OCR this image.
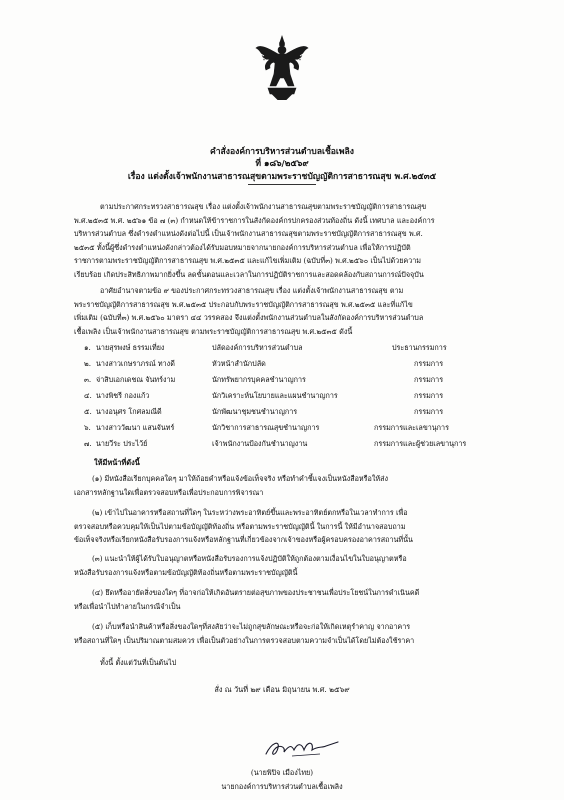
คำสั่งองค์การบริหารส่วนตำบลเชื้อเพลิง
ที่ ๑๘๖/๒๕๖๙
เรื่อง แต่งตั้งเจ้าพนักงานสาธารณสุขตามพระราชบัญญัติการสาธารณสุข พ.ศ.๒๕๓๕
ตามประกาศกระทรวงสาธารณสุข เรื่อง แต่งตั้งเจ้าพนักงานสาธารณสุขตามพระราชบัญญัติการสาธารณสุข
พ.ศ.๒๕๓๕ พ.ศ. ๒๕๖๑ ข้อ ๗ (๓) กำหนดให้ข้าราชการในสังกัดองค์กรปกครองส่วนท้องถิ่น ดังนี้ เทศบาล และองค์การ
บริหารส่วนตำบล ซึ่งดำรงตำแหน่งดังต่อไปนี้ เป็นเจ้าพนักงานสาธารณสุขตามพระราชบัญญัติการสาธารณสุข พ.ศ.
๒๕๓๕ ทั้งนี้ผู้ซึ่งดำรงตำแหน่งดังกล่าวต้องได้รับมอบหมายจากนายกองค์การบริหารส่วนตำบล เพื่อให้การปฏิบัติ
ราชการตามพระราชบัญญัติการสาธารณสุข พ.ศ.๒๕๓๕ และแก้ไขเพิ่มเติม (ฉบับที่๓) พ.ศ.๒๕๖๐ เป็นไปด้วยความ
เรียบร้อย เกิดประสิทธิภาพมากยิ่งขึ้น ลดขั้นตอนและเวลาในการปฏิบัติราชการและสอดคล้องกับสถานการณ์ปัจจุบัน
อาศัยอำนาจตามข้อ ๙ ของประกาศกระทรวงสาธารณสุข เรื่อง แต่งตั้งเจ้าพนักงานสาธารณสุข ตาม
พระราชบัญญัติการสาธารณสุข พ.ศ.๒๕๓๕ ประกอบกับพระราชบัญญัติการสาธารณสุข พ.ศ.๒๕๓๕ และที่แก้ไข
เพิ่มเติม (ฉบับที่๓) พ.ศ.๒๕๖๐ มาตรา ๔๔ วรรคสอง จึงแต่งตั้งพนักงานส่วนตำบลในสังกัดองค์การบริหารส่วนตำบล
เชื้อเพลิง เป็นเจ้าพนักงานสาธารณสุข ตามพระราชบัญญัติการสาธารณสุข พ.ศ.๒๕๓๕ ดังนี้
๑. นายสุรพงษ์ ธรรมเที่ยง	ปลัดองค์การบริหารส่วนตำบล	ประธานกรรมการ
๒. นางสาวเกษราภรณ์ ทางดี	หัวหน้าสำนักปลัด	กรรมการ
๓. จ่าสิบเอกเดชณ จันทร์งาม	นักทรัพยากรบุคคลชำนาญการ	กรรมการ
๔. นางพิชรี กองแก้ว	นักวิเคราะห์นโยบายและแผนชำนาญการ	กรรมการ
๕. นางอนุศร โกศลมณีดี	นักพัฒนาชุมชนชำนาญการ	กรรมการ
๖. นางสาววัฒนา แสนจันทร์	นักวิชาการสาธารณสุขชำนาญการ	กรรมการและเลขานุการ
๗. นายวีระ ประไว้ย์	เจ้าพนักงานป้องกันชำนาญงาน	กรรมการและผู้ช่วยเลขานุการ
ให้มีหน้าที่ดังนี้
(๑) มีหนังสือเรียกบุคคลใดๆ มาให้ถ้อยคำหรือแจ้งข้อเท็จจริง หรือทำคำชี้แจงเป็นหนังสือหรือให้ส่ง
เอกสารหลักฐานใดเพื่อตรวจสอบหรือเพื่อประกอบการพิจารณา
(๒) เข้าไปในอาคารหรือสถานที่ใดๆ ในระหว่างพระอาทิตย์ขึ้นและพระอาทิตย์ตกหรือในเวลาทำการ เพื่อ
ตรวจสอบหรือควบคุมให้เป็นไปตามข้อบัญญัติท้องถิ่น หรือตามพระราชบัญญัตินี้ ในการนี้ ให้มีอำนาจสอบถาม
ข้อเท็จจริงหรือเรียกหนังสือรับรองการแจ้งหรือหลักฐานที่เกี่ยวข้องจากเจ้าของหรือผู้ครอบครองอาคารสถานที่นั้น
(๓) แนะนำให้ผู้ได้รับใบอนุญาตหรือหนังสือรับรองการแจ้งปฏิบัติให้ถูกต้องตามเงื่อนไขในใบอนุญาตหรือ
หนังสือรับรองการแจ้งหรือตามข้อบัญญัติท้องถิ่นหรือตามพระราชบัญญัตินี้
(๔) ยึดหรืออายัดสิ่งของใดๆ ที่อาจก่อให้เกิดอันตรายต่อสุขภาพของประชาชนเพื่อประโยชน์ในการดำเนินคดี
หรือเพื่อนำไปทำลายในกรณีจำเป็น
(๕) เก็บหรือนำสินค้าหรือสิ่งของใดๆที่สงสัยว่าจะไม่ถูกสุขลักษณะหรือจะก่อให้เกิดเหตุรำคาญ จากอาคาร
หรือสถานที่ใดๆ เป็นปริมาณตามสมควร เพื่อเป็นตัวอย่างในการตรวจสอบตามความจำเป็นได้โดยไม่ต้องใช้ราคา
ทั้งนี้ ตั้งแต่วันที่เป็นต้นไป
สั่ง ณ วันที่ ๒๙ เดือน มิถุนายน พ.ศ. ๒๕๖๙
(นายพิปิจ เมืองไทย)
นายกองค์การบริหารส่วนตำบลเชื้อเพลิง
